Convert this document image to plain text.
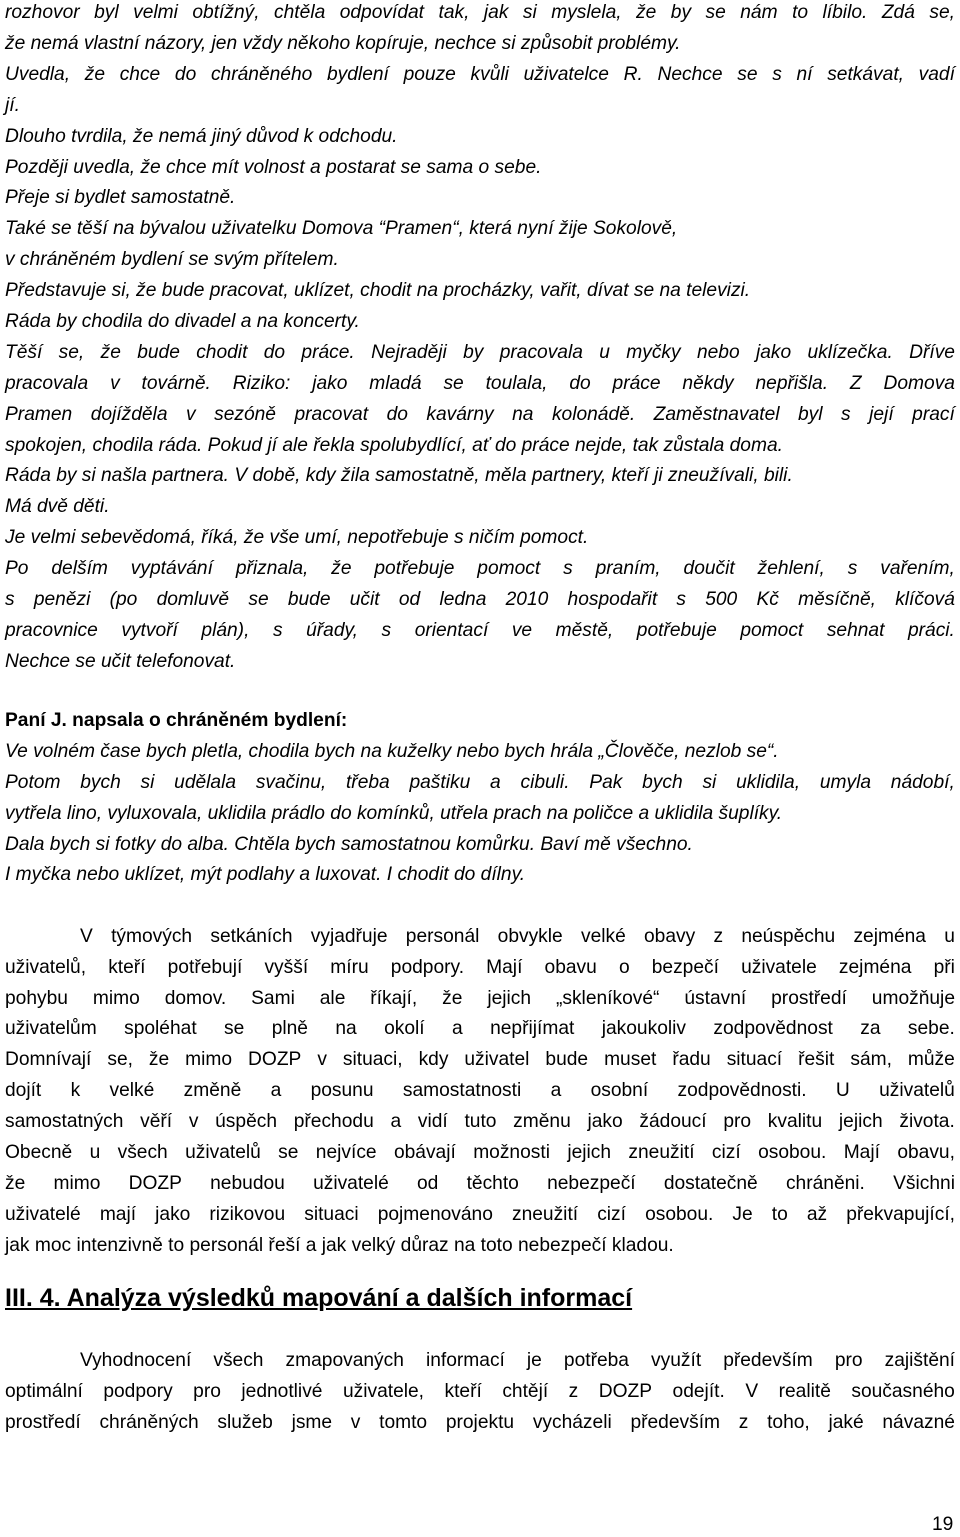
rozhovor byl velmi obtížný, chtěla odpovídat tak, jak si myslela, že by se nám to líbilo. Zdá se,
že nemá vlastní názory, jen vždy někoho kopíruje, nechce si způsobit problémy.
Uvedla, že chce do chráněného bydlení pouze kvůli uživatelce R. Nechce se s ní setkávat, vadí
jí.
Dlouho tvrdila, že nemá jiný důvod k odchodu.
Později uvedla, že chce mít volnost a postarat se sama o sebe.
Přeje si bydlet samostatně.
Také se těší na bývalou uživatelku Domova “Pramen“, která nyní žije Sokolově,
v chráněném bydlení se svým přítelem.
Představuje si, že bude pracovat, uklízet, chodit na procházky, vařit, dívat se na televizi.
Ráda by chodila do divadel a na koncerty.
Těší se, že bude chodit do práce. Nejraději by pracovala u myčky nebo jako uklízečka. Dříve
pracovala v továrně. Riziko: jako mladá se toulala, do práce někdy nepřišla. Z Domova
Pramen dojížděla v sezóně pracovat do kavárny na kolonádě. Zaměstnavatel byl s její prací
spokojen, chodila ráda. Pokud jí ale řekla spolubydlící, ať do práce nejde, tak zůstala doma.
Ráda by si našla partnera. V době, kdy žila samostatně, měla partnery, kteří ji zneužívali, bili.
Má dvě děti.
Je velmi sebevědomá, říká, že vše umí, nepotřebuje s ničím pomoct.
Po delším vyptávání přiznala, že potřebuje pomoct s praním, doučit žehlení, s vařením,
s penězi (po domluvě se bude učit od ledna 2010 hospodařit s 500 Kč měsíčně, klíčová
pracovnice vytvoří plán), s úřady, s orientací ve městě, potřebuje pomoct sehnat práci.
Nechce se učit telefonovat.
Paní J. napsala o chráněném bydlení:
Ve volném čase bych pletla, chodila bych na kuželky nebo bych hrála „Člověče, nezlob se“.
Potom bych si udělala svačinu, třeba paštiku a cibuli. Pak bych si uklidila, umyla nádobí,
vytřela lino, vyluxovala, uklidila prádlo do komínků, utřela prach na poličce a uklidila šuplíky.
Dala bych si fotky do alba. Chtěla bych samostatnou komůrku. Baví mě všechno.
I myčka nebo uklízet, mýt podlahy a luxovat. I chodit do dílny.
V týmových setkáních vyjadřuje personál obvykle velké obavy z neúspěchu zejména u
uživatelů, kteří potřebují vyšší míru podpory. Mají obavu o bezpečí uživatele zejména při
pohybu mimo domov. Sami ale říkají, že jejich „skleníkové“ ústavní prostředí umožňuje
uživatelům spoléhat se plně na okolí a nepřijímat jakoukoliv zodpovědnost za sebe.
Domnívají se, že mimo DOZP v situaci, kdy uživatel bude muset řadu situací řešit sám, může
dojít k velké změně a posunu samostatnosti a osobní zodpovědnosti. U uživatelů
samostatných věří v úspěch přechodu a vidí tuto změnu jako žádoucí pro kvalitu jejich života.
Obecně u všech uživatelů se nejvíce obávají možnosti jejich zneužití cizí osobou. Mají obavu,
že mimo DOZP nebudou uživatelé od těchto nebezpečí dostatečně chráněni. Všichni
uživatelé mají jako rizikovou situaci pojmenováno zneužití cizí osobou. Je to až překvapující,
jak moc intenzivně to personál řeší a jak velký důraz na toto nebezpečí kladou.
III. 4. Analýza výsledků mapování a dalších informací
Vyhodnocení všech zmapovaných informací je potřeba využít především pro zajištění
optimální podpory pro jednotlivé uživatele, kteří chtějí z DOZP odejít. V realitě současného
prostředí chráněných služeb jsme v tomto projektu vycházeli především z toho, jaké návazné
19
